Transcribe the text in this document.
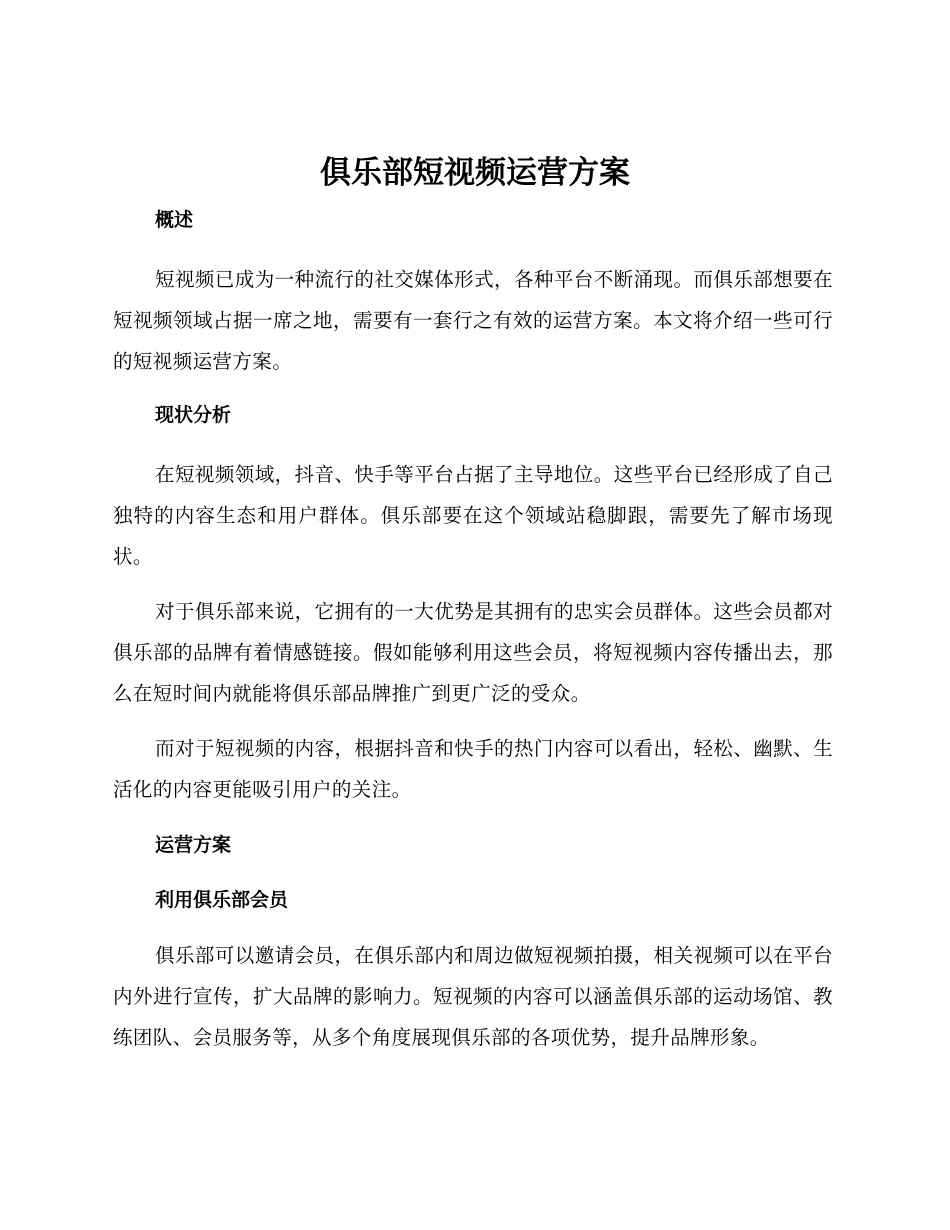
俱乐部短视频运营方案
概述

短视频已成为一种流行的社交媒体形式，各种平台不断涌现。而俱乐部想要在短视频领域占据一席之地，需要有一套行之有效的运营方案。本文将介绍一些可行的短视频运营方案。

现状分析

在短视频领域，抖音、快手等平台占据了主导地位。这些平台已经形成了自己独特的内容生态和用户群体。俱乐部要在这个领域站稳脚跟，需要先了解市场现状。

对于俱乐部来说，它拥有的一大优势是其拥有的忠实会员群体。这些会员都对俱乐部的品牌有着情感链接。假如能够利用这些会员，将短视频内容传播出去，那么在短时间内就能将俱乐部品牌推广到更广泛的受众。

而对于短视频的内容，根据抖音和快手的热门内容可以看出，轻松、幽默、生活化的内容更能吸引用户的关注。

运营方案
利用俱乐部会员

俱乐部可以邀请会员，在俱乐部内和周边做短视频拍摄，相关视频可以在平台内外进行宣传，扩大品牌的影响力。短视频的内容可以涵盖俱乐部的运动场馆、教练团队、会员服务等，从多个角度展现俱乐部的各项优势，提升品牌形象。
